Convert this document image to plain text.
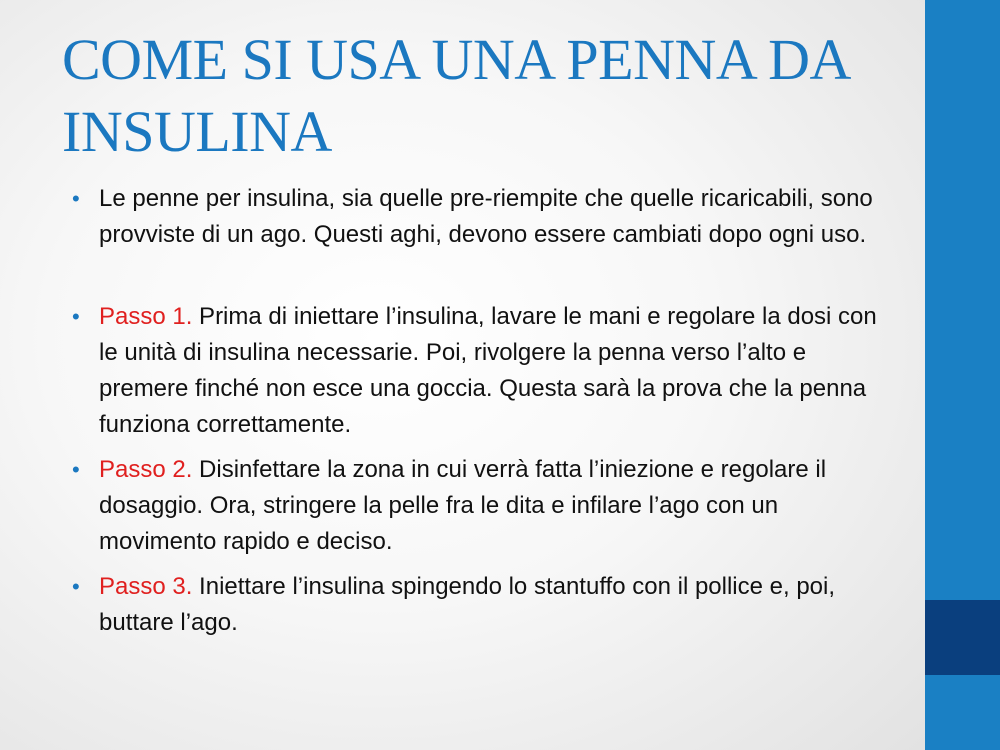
COME SI USA UNA PENNA DA INSULINA
• Le penne per insulina, sia quelle pre-riempite che quelle ricaricabili, sono provviste di un ago. Questi aghi, devono essere cambiati dopo ogni uso.
• Passo 1. Prima di iniettare l’insulina, lavare le mani e regolare la dosi con le unità di insulina necessarie. Poi, rivolgere la penna verso l’alto e premere finché non esce una goccia. Questa sarà la prova che la penna funziona correttamente.
• Passo 2. Disinfettare la zona in cui verrà fatta l’iniezione e regolare il dosaggio. Ora, stringere la pelle fra le dita e infilare l’ago con un movimento rapido e deciso.
• Passo 3. Iniettare l’insulina spingendo lo stantuffo con il pollice e, poi, buttare l’ago.
